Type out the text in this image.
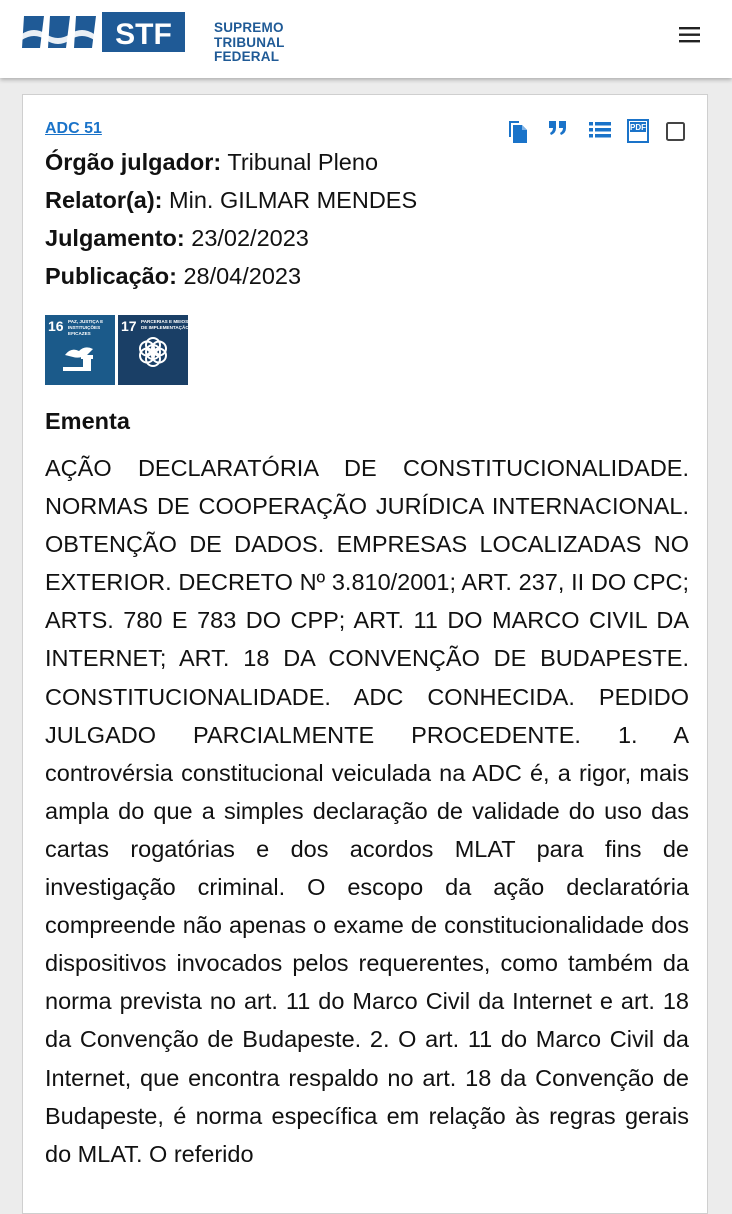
STF	SUPREMO
TRIBUNAL
FEDERAL
ADC 51	PDF
Órgão julgador: Tribunal Pleno
Relator(a): Min. GILMAR MENDES
Julgamento: 23/02/2023
Publicação: 28/04/2023
16 PAZ, JUSTIÇA E INSTITUIÇÕES EFICAZES	17 PARCERIAS E MEIOS DE IMPLEMENTAÇÃO
Ementa
AÇÃO DECLARATÓRIA DE CONSTITUCIONALIDADE. NORMAS DE COOPERAÇÃO JURÍDICA INTERNACIONAL. OBTENÇÃO DE DADOS. EMPRESAS LOCALIZADAS NO EXTERIOR. DECRETO Nº 3.810/2001; ART. 237, II DO CPC; ARTS. 780 E 783 DO CPP; ART. 11 DO MARCO CIVIL DA INTERNET; ART. 18 DA CONVENÇÃO DE BUDAPESTE. CONSTITUCIONALIDADE. ADC CONHECIDA. PEDIDO JULGADO PARCIALMENTE PROCEDENTE. 1. A controvérsia constitucional veiculada na ADC é, a rigor, mais ampla do que a simples declaração de validade do uso das cartas rogatórias e dos acordos MLAT para fins de investigação criminal. O escopo da ação declaratória compreende não apenas o exame de constitucionalidade dos dispositivos invocados pelos requerentes, como também da norma prevista no art. 11 do Marco Civil da Internet e art. 18 da Convenção de Budapeste. 2. O art. 11 do Marco Civil da Internet, que encontra respaldo no art. 18 da Convenção de Budapeste, é norma específica em relação às regras gerais do MLAT. O referido
